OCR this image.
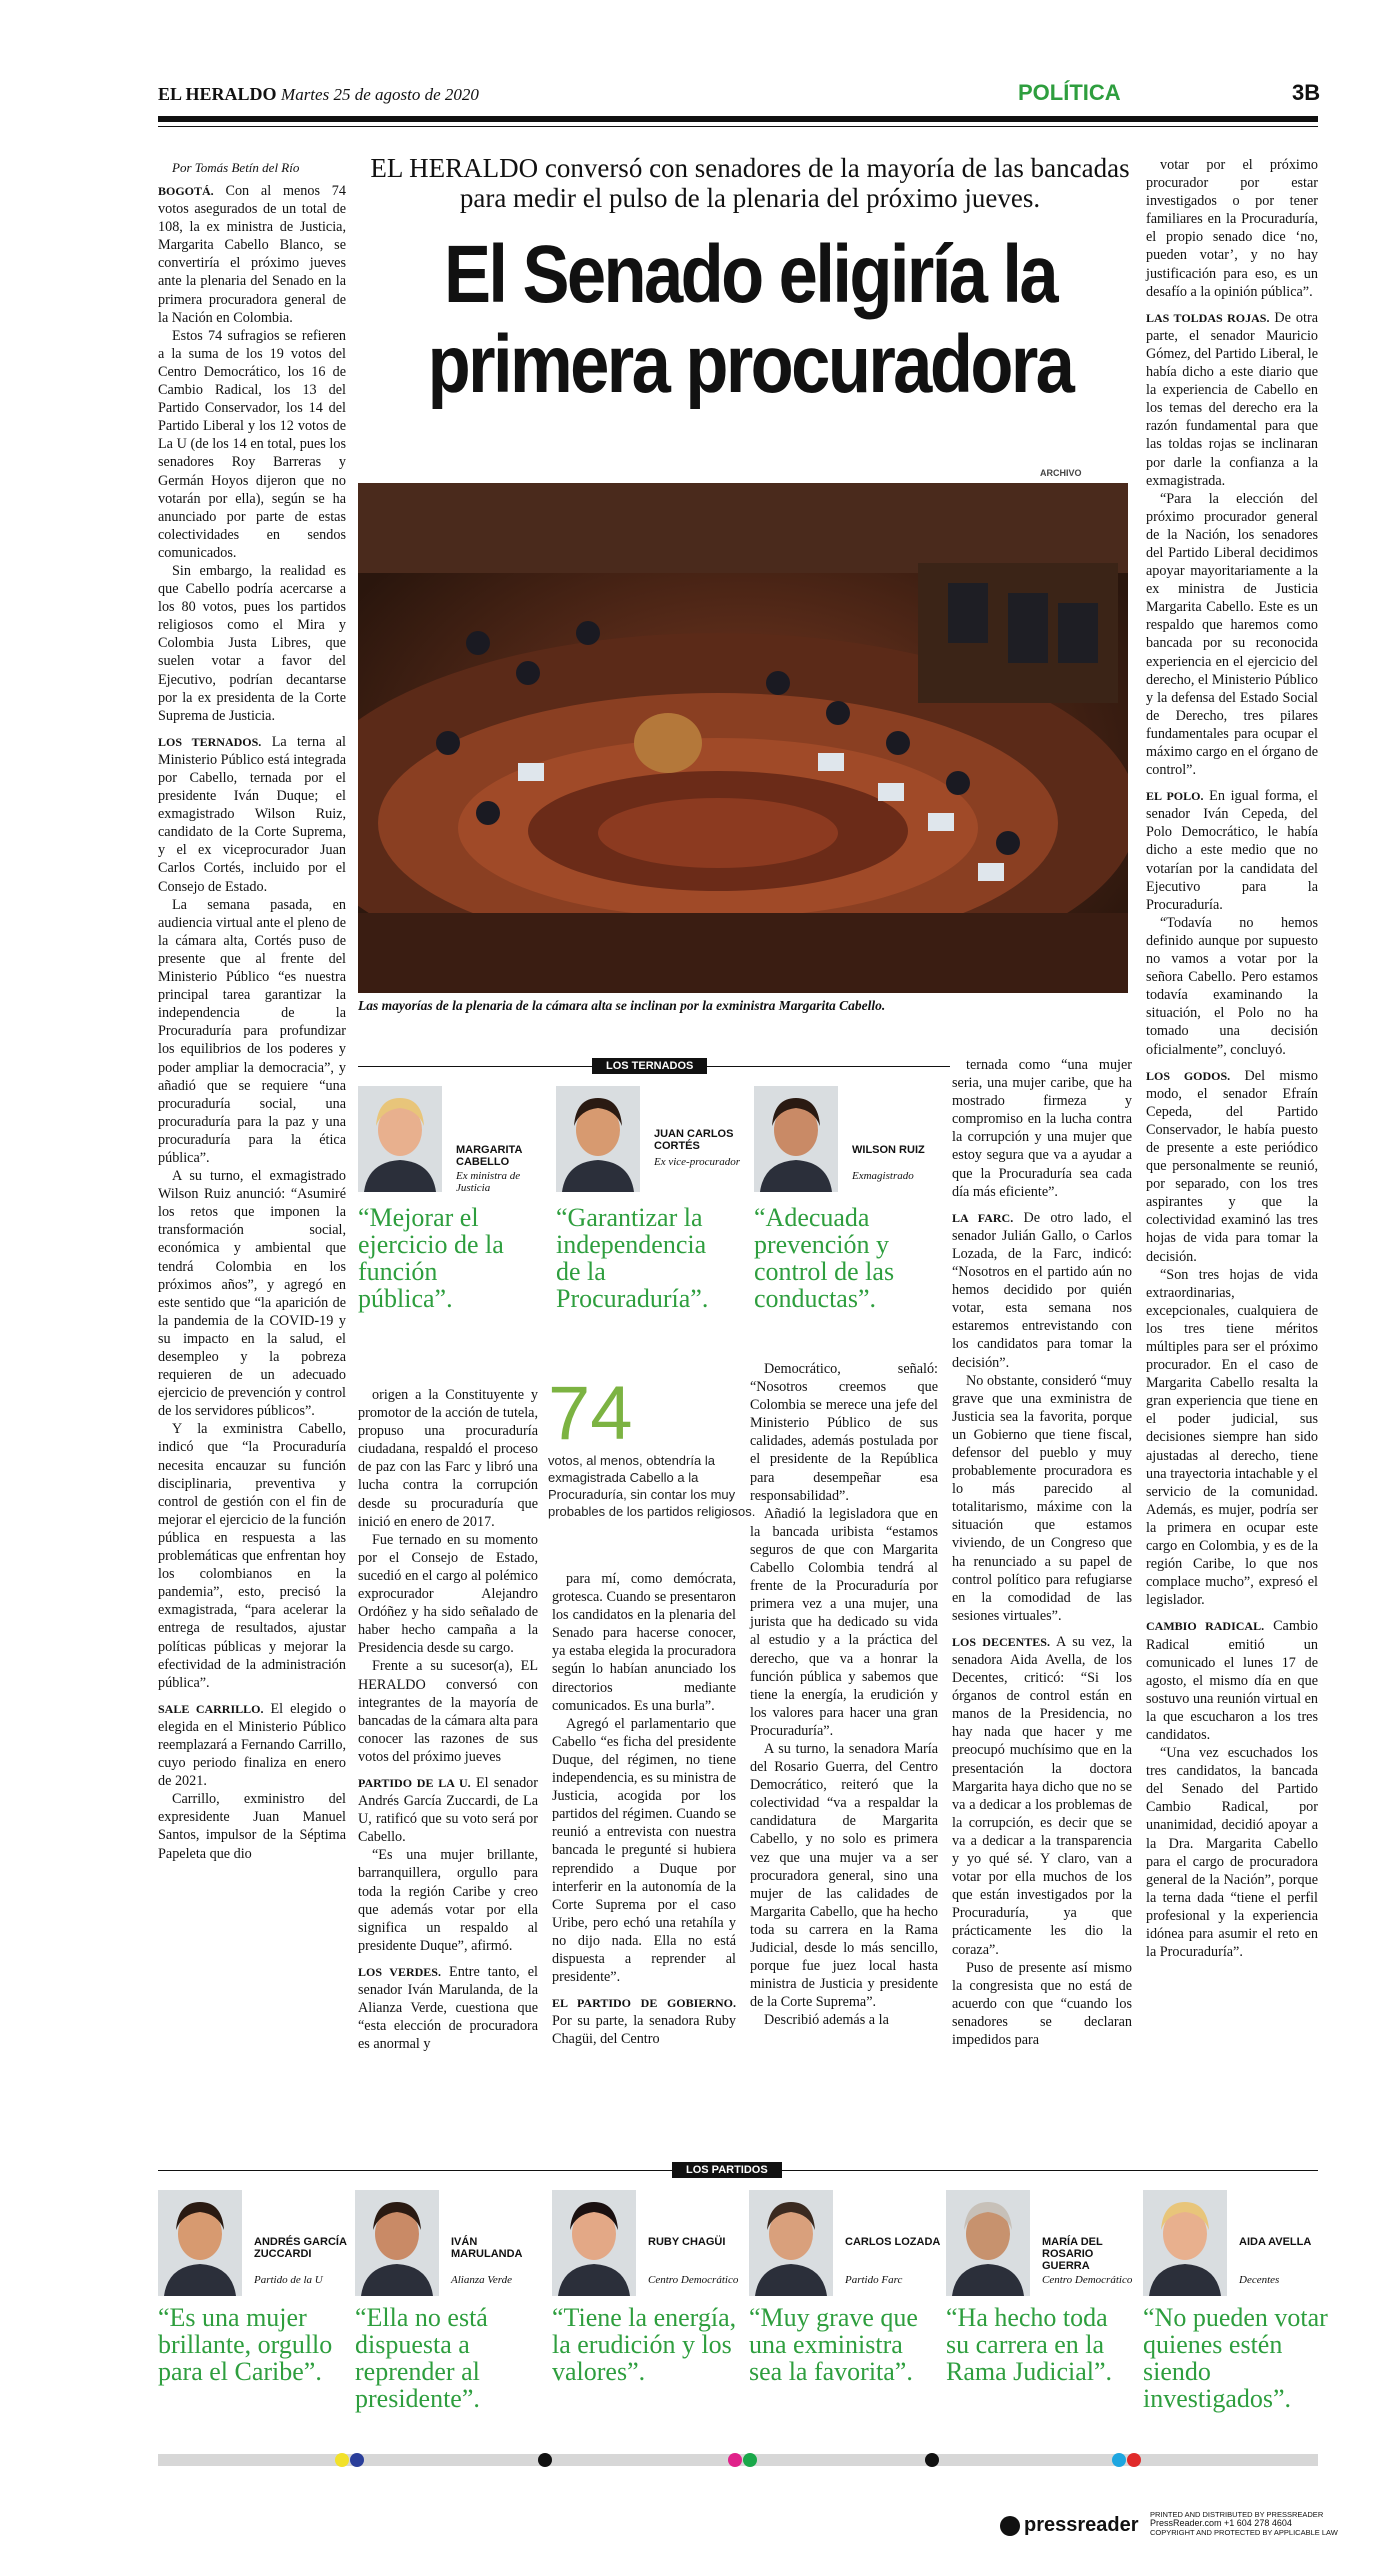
EL HERALDO Martes 25 de agosto de 2020	POLÍTICA	3B
Por Tomás Betín del Río	EL HERALDO conversó con senadores de la mayoría de las bancadas para medir el pulso de la plenaria del próximo jueves.
El Senado eligiría la
primera procuradora
ARCHIVO
Las mayorías de la plenaria de la cámara alta se inclinan por la exministra Margarita Cabello.

BOGOTÁ. Con al menos 74 votos asegurados de un total de 108, la ex ministra de Justicia, Margarita Cabello Blanco, se convertiría el próximo jueves ante la plenaria del Senado en la primera procuradora general de la Nación en Colombia.

Estos 74 sufragios se refieren a la suma de los 19 votos del Centro Democrático, los 16 de Cambio Radical, los 13 del Partido Conservador, los 14 del Partido Liberal y los 12 votos de La U (de los 14 en total, pues los senadores Roy Barreras y Germán Hoyos dijeron que no votarán por ella), según se ha anunciado por parte de estas colectividades en sendos comunicados.

Sin embargo, la realidad es que Cabello podría acercarse a los 80 votos, pues los partidos religiosos como el Mira y Colombia Justa Libres, que suelen votar a favor del Ejecutivo, podrían decantarse por la ex presidenta de la Corte Suprema de Justicia.

LOS TERNADOS. La terna al Ministerio Público está integrada por Cabello, ternada por el presidente Iván Duque; el exmagistrado Wilson Ruiz, candidato de la Corte Suprema, y el ex viceprocurador Juan Carlos Cortés, incluido por el Consejo de Estado.

La semana pasada, en audiencia virtual ante el pleno de la cámara alta, Cortés puso de presente que al frente del Ministerio Público “es nuestra principal tarea garantizar la independencia de la Procuraduría para profundizar los equilibrios de los poderes y poder ampliar la democracia”, y añadió que se requiere “una procuraduría social, una procuraduría para la paz y una procuraduría para la ética pública”.

A su turno, el exmagistrado Wilson Ruiz anunció: “Asumiré los retos que imponen la transformación social, económica y ambiental que tendrá Colombia en los próximos años”, y agregó en este sentido que “la aparición de la pandemia de la COVID-19 y su impacto en la salud, el desempleo y la pobreza requieren de un adecuado ejercicio de prevención y control de los servidores públicos”.

Y la exministra Cabello, indicó que “la Procuraduría necesita encauzar su función disciplinaria, preventiva y control de gestión con el fin de mejorar el ejercicio de la función pública en respuesta a las problemáticas que enfrentan hoy los colombianos en la pandemia”, esto, precisó la exmagistrada, “para acelerar la entrega de resultados, ajustar políticas públicas y mejorar la efectividad de la administración pública”.

SALE CARRILLO. El elegido o elegida en el Ministerio Público reemplazará a Fernando Carrillo, cuyo periodo finaliza en enero de 2021.

Carrillo, exministro del expresidente Juan Manuel Santos, impulsor de la Séptima Papeleta que dio

votar por el próximo procurador por estar investigados o por tener familiares en la Procuraduría, el propio senado dice ‘no, pueden votar’, y no hay justificación para eso, es un desafío a la opinión pública”.

LAS TOLDAS ROJAS. De otra parte, el senador Mauricio Gómez, del Partido Liberal, le había dicho a este diario que la experiencia de Cabello en los temas del derecho era la razón fundamental para que las toldas rojas se inclinaran por darle la confianza a la exmagistrada.

“Para la elección del próximo procurador general de la Nación, los senadores del Partido Liberal decidimos apoyar mayoritariamente a la ex ministra de Justicia Margarita Cabello. Este es un respaldo que haremos como bancada por su reconocida experiencia en el ejercicio del derecho, el Ministerio Público y la defensa del Estado Social de Derecho, tres pilares fundamentales para ocupar el máximo cargo en el órgano de control”.

EL POLO. En igual forma, el senador Iván Cepeda, del Polo Democrático, le había dicho a este medio que no votarían por la candidata del Ejecutivo para la Procuraduría.

“Todavía no hemos definido aunque por supuesto no vamos a votar por la señora Cabello. Pero estamos todavía examinando la situación, el Polo no ha tomado una decisión oficialmente”, concluyó.

LOS GODOS. Del mismo modo, el senador Efraín Cepeda, del Partido Conservador, le había puesto de presente a este periódico que personalmente se reunió, por separado, con los tres aspirantes y que la colectividad examinó las tres hojas de vida para tomar la decisión.

“Son tres hojas de vida extraordinarias, excepcionales, cualquiera de los tres tiene méritos múltiples para ser el próximo procurador. En el caso de Margarita Cabello resalta la gran experiencia que tiene en el poder judicial, sus decisiones siempre han sido ajustadas al derecho, tiene una trayectoria intachable y el servicio de la comunidad. Además, es mujer, podría ser la primera en ocupar este cargo en Colombia, y es de la región Caribe, lo que nos complace mucho”, expresó el legislador.

CAMBIO RADICAL. Cambio Radical emitió un comunicado el lunes 17 de agosto, el mismo día en que sostuvo una reunión virtual en la que escucharon a los tres candidatos.

“Una vez escuchados los tres candidatos, la bancada del Senado del Partido Cambio Radical, por unanimidad, decidió apoyar a la Dra. Margarita Cabello para el cargo de procuradora general de la Nación”, porque la terna dada “tiene el perfil profesional y la experiencia idónea para asumir el reto en la Procuraduría”.

LOS TERNADOS
MARGARITA CABELLO
Ex ministra de Justicia
“Mejorar el ejercicio de la función pública”.
JUAN CARLOS CORTÉS
Ex vice-procurador
“Garantizar la independencia de la Procuraduría”.
WILSON RUIZ
Exmagistrado
“Adecuada prevención y control de las conductas”.
74
votos, al menos, obtendría la exmagistrada Cabello a la Procuraduría, sin contar los muy probables de los partidos religiosos.

origen a la Constituyente y promotor de la acción de tutela, propuso una procuraduría ciudadana, respaldó el proceso de paz con las Farc y libró una lucha contra la corrupción desde su procuraduría que inició en enero de 2017.

Fue ternado en su momento por el Consejo de Estado, sucedió en el cargo al polémico exprocurador Alejandro Ordóñez y ha sido señalado de haber hecho campaña a la Presidencia desde su cargo.

Frente a su sucesor(a), EL HERALDO conversó con integrantes de la mayoría de bancadas de la cámara alta para conocer las razones de sus votos del próximo jueves

PARTIDO DE LA U. El senador Andrés García Zuccardi, de La U, ratificó que su voto será por Cabello.

“Es una mujer brillante, barranquillera, orgullo para toda la región Caribe y creo que además votar por ella significa un respaldo al presidente Duque”, afirmó.

LOS VERDES. Entre tanto, el senador Iván Marulanda, de la Alianza Verde, cuestiona que “esta elección de procuradora es anormal y

para mí, como demócrata, grotesca. Cuando se presentaron los candidatos en la plenaria del Senado para hacerse conocer, ya estaba elegida la procuradora según lo habían anunciado los directorios mediante comunicados. Es una burla”.

Agregó el parlamentario que Cabello “es ficha del presidente Duque, del régimen, no tiene independencia, es su ministra de Justicia, acogida por los partidos del régimen. Cuando se reunió a entrevista con nuestra bancada le pregunté si hubiera reprendido a Duque por interferir en la autonomía de la Corte Suprema por el caso Uribe, pero echó una retahíla y no dijo nada. Ella no está dispuesta a reprender al presidente”.

EL PARTIDO DE GOBIERNO. Por su parte, la senadora Ruby Chagüi, del Centro

Democrático, señaló: “Nosotros creemos que Colombia se merece una jefe del Ministerio Público de sus calidades, además postulada por el presidente de la República para desempeñar esa responsabilidad”.

Añadió la legisladora que en la bancada uribista “estamos seguros de que con Margarita Cabello Colombia tendrá al frente de la Procuraduría por primera vez a una mujer, una jurista que ha dedicado su vida al estudio y a la práctica del derecho, que va a honrar la función pública y sabemos que tiene la energía, la erudición y los valores para hacer una gran Procuraduría”.

A su turno, la senadora María del Rosario Guerra, del Centro Democrático, reiteró que la colectividad “va a respaldar la candidatura de Margarita Cabello, y no solo es primera vez que una mujer va a ser procuradora general, sino una mujer de las calidades de Margarita Cabello, que ha hecho toda su carrera en la Rama Judicial, desde lo más sencillo, porque fue juez local hasta ministra de Justicia y presidente de la Corte Suprema”.

Describió además a la

ternada como “una mujer seria, una mujer caribe, que ha mostrado firmeza y compromiso en la lucha contra la corrupción y una mujer que estoy segura que va a ayudar a que la Procuraduría sea cada día más eficiente”.

LA FARC. De otro lado, el senador Julián Gallo, o Carlos Lozada, de la Farc, indicó: “Nosotros en el partido aún no hemos decidido por quién votar, esta semana nos estaremos entrevistando con los candidatos para tomar la decisión”.

No obstante, consideró “muy grave que una exministra de Justicia sea la favorita, porque un Gobierno que tiene fiscal, defensor del pueblo y muy probablemente procuradora es lo más parecido al totalitarismo, máxime con la situación que estamos viviendo, de un Congreso que ha renunciado a su papel de control político para refugiarse en la comodidad de las sesiones virtuales”.

LOS DECENTES. A su vez, la senadora Aida Avella, de los Decentes, criticó: “Si los órganos de control están en manos de la Presidencia, no hay nada que hacer y me preocupó muchísimo que en la presentación la doctora Margarita haya dicho que no se va a dedicar a los problemas de la corrupción, es decir que se va a dedicar a la transparencia y yo qué sé. Y claro, van a votar por ella muchos de los que están investigados por la Procuraduría, ya que prácticamente les dio la coraza”.

Puso de presente así mismo la congresista que no está de acuerdo con que “cuando los senadores se declaran impedidos para

LOS PARTIDOS
ANDRÉS GARCÍA ZUCCARDI
Partido de la U
“Es una mujer brillante, orgullo para el Caribe”.
IVÁN MARULANDA
Alianza Verde
“Ella no está dispuesta a reprender al presidente”.
RUBY CHAGÜI
Centro Democrático
“Tiene la energía, la erudición y los valores”.
CARLOS LOZADA
Partido Farc
“Muy grave que una exministra sea la favorita”.
MARÍA DEL ROSARIO GUERRA
Centro Democrático
“Ha hecho toda su carrera en la Rama Judicial”.
AIDA AVELLA
Decentes
“No pueden votar quienes estén siendo investigados”.
pressreader PRINTED AND DISTRIBUTED BY PRESSREADER
PressReader.com +1 604 278 4604
COPYRIGHT AND PROTECTED BY APPLICABLE LAW
